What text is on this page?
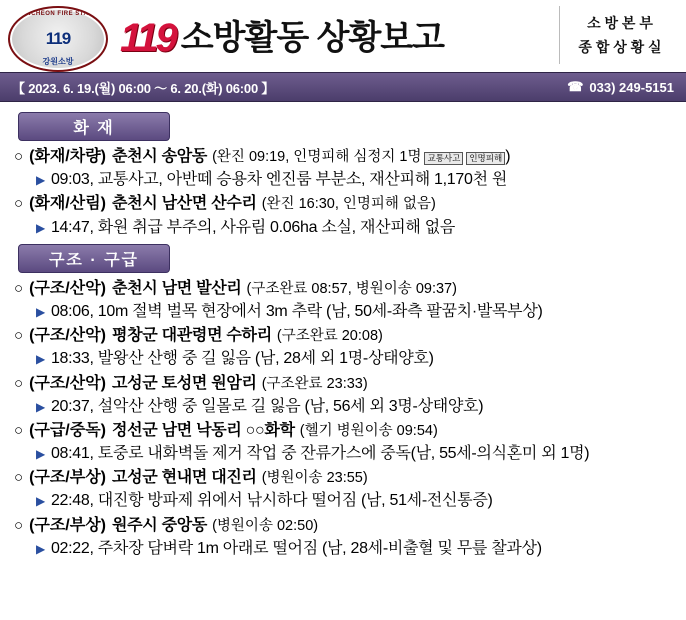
CHUNCHEON FIRE STATION
119
강원소방
119 소방활동 상황보고	소 방 본 부
종 합 상 황 실
【 2023. 6. 19.(월) 06:00 ～ 6. 20.(화) 06:00 】	☎ 033) 249-5151
화 재
○ (화재/차량) 춘천시 송암동 (완진 09:19, 인명피해 심정지 1명 교통사고	인명피해 )
▶ 09:03, 교통사고, 아반떼 승용차 엔진룸 부분소, 재산피해 1,170천 원
○ (화재/산림) 춘천시 남산면 산수리 (완진 16:30, 인명피해 없음)
▶ 14:47, 화원 취급 부주의, 사유림 0.06ha 소실, 재산피해 없음
구조 · 구급
○ (구조/산악) 춘천시 남면 발산리 (구조완료 08:57, 병원이송 09:37)
▶ 08:06, 10m 절벽 벌목 현장에서 3m 추락 (남, 50세-좌측 팔꿈치·발목부상)
○ (구조/산악) 평창군 대관령면 수하리 (구조완료 20:08)
▶ 18:33, 발왕산 산행 중 길 잃음 (남, 28세 외 1명-상태양호)
○ (구조/산악) 고성군 토성면 원암리 (구조완료 23:33)
▶ 20:37, 설악산 산행 중 일몰로 길 잃음 (남, 56세 외 3명-상태양호)
○ (구급/중독) 정선군 남면 낙동리 ○○화학 (헬기 병원이송 09:54)
▶ 08:41, 토중로 내화벽돌 제거 작업 중 잔류가스에 중독(남, 55세-의식혼미 외 1명)
○ (구조/부상) 고성군 현내면 대진리 (병원이송 23:55)
▶ 22:48, 대진항 방파제 위에서 낚시하다 떨어짐 (남, 51세-전신통증)
○ (구조/부상) 원주시 중앙동 (병원이송 02:50)
▶ 02:22, 주차장 담벼락 1m 아래로 떨어짐 (남, 28세-비출혈 및 무릎 찰과상)
